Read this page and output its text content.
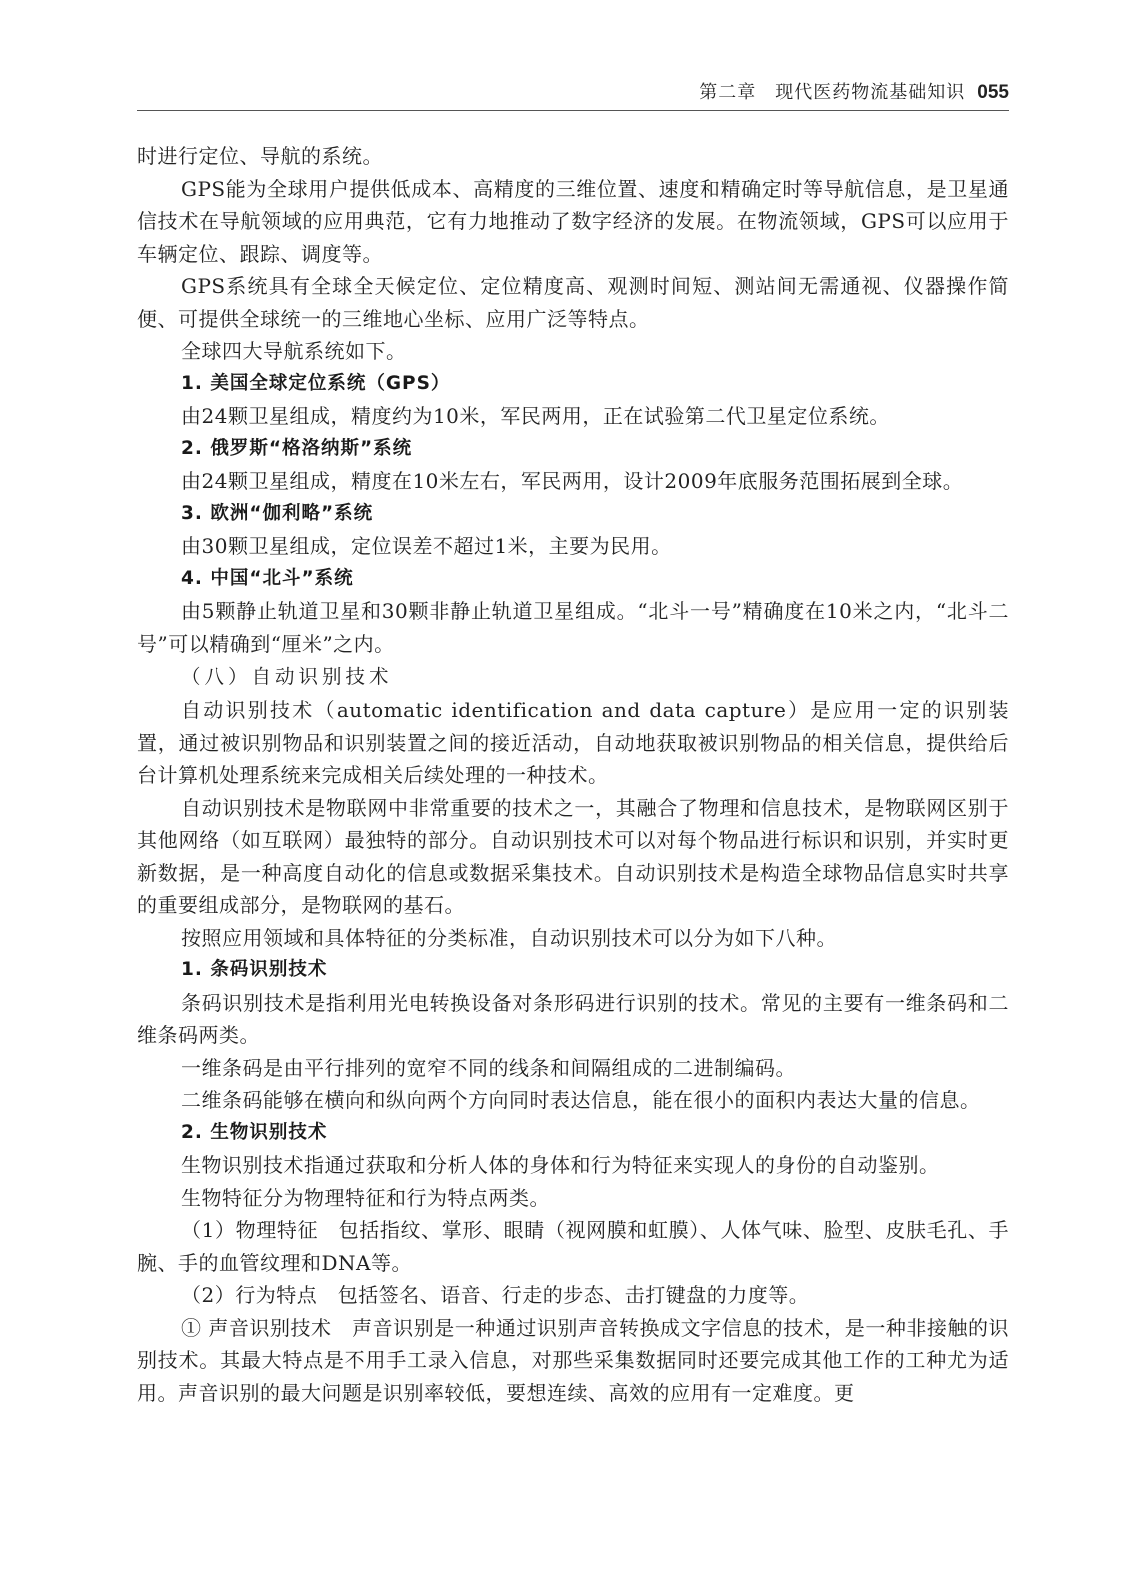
第二章　现代医药物流基础知识 055

时进行定位、导航的系统。

GPS能为全球用户提供低成本、高精度的三维位置、速度和精确定时等导航信息，是卫星通信技术在导航领域的应用典范，它有力地推动了数字经济的发展。在物流领域，GPS可以应用于车辆定位、跟踪、调度等。

GPS系统具有全球全天候定位、定位精度高、观测时间短、测站间无需通视、仪器操作简便、可提供全球统一的三维地心坐标、应用广泛等特点。

全球四大导航系统如下。

1. 美国全球定位系统（GPS）

由24颗卫星组成，精度约为10米，军民两用，正在试验第二代卫星定位系统。

2. 俄罗斯“格洛纳斯”系统

由24颗卫星组成，精度在10米左右，军民两用，设计2009年底服务范围拓展到全球。

3. 欧洲“伽利略”系统

由30颗卫星组成，定位误差不超过1米，主要为民用。

4. 中国“北斗”系统

由5颗静止轨道卫星和30颗非静止轨道卫星组成。“北斗一号”精确度在10米之内，“北斗二号”可以精确到“厘米”之内。

（八）自动识别技术

自动识别技术（automatic identification and data capture）是应用一定的识别装置，通过被识别物品和识别装置之间的接近活动，自动地获取被识别物品的相关信息，提供给后台计算机处理系统来完成相关后续处理的一种技术。

自动识别技术是物联网中非常重要的技术之一，其融合了物理和信息技术，是物联网区别于其他网络（如互联网）最独特的部分。自动识别技术可以对每个物品进行标识和识别，并实时更新数据，是一种高度自动化的信息或数据采集技术。自动识别技术是构造全球物品信息实时共享的重要组成部分，是物联网的基石。

按照应用领域和具体特征的分类标准，自动识别技术可以分为如下八种。

1. 条码识别技术

条码识别技术是指利用光电转换设备对条形码进行识别的技术。常见的主要有一维条码和二维条码两类。

一维条码是由平行排列的宽窄不同的线条和间隔组成的二进制编码。

二维条码能够在横向和纵向两个方向同时表达信息，能在很小的面积内表达大量的信息。

2. 生物识别技术

生物识别技术指通过获取和分析人体的身体和行为特征来实现人的身份的自动鉴别。

生物特征分为物理特征和行为特点两类。

（1）物理特征　包括指纹、掌形、眼睛（视网膜和虹膜）、人体气味、脸型、皮肤毛孔、手腕、手的血管纹理和DNA等。

（2）行为特点　包括签名、语音、行走的步态、击打键盘的力度等。

① 声音识别技术　声音识别是一种通过识别声音转换成文字信息的技术，是一种非接触的识别技术。其最大特点是不用手工录入信息，对那些采集数据同时还要完成其他工作的工种尤为适用。声音识别的最大问题是识别率较低，要想连续、高效的应用有一定难度。更
